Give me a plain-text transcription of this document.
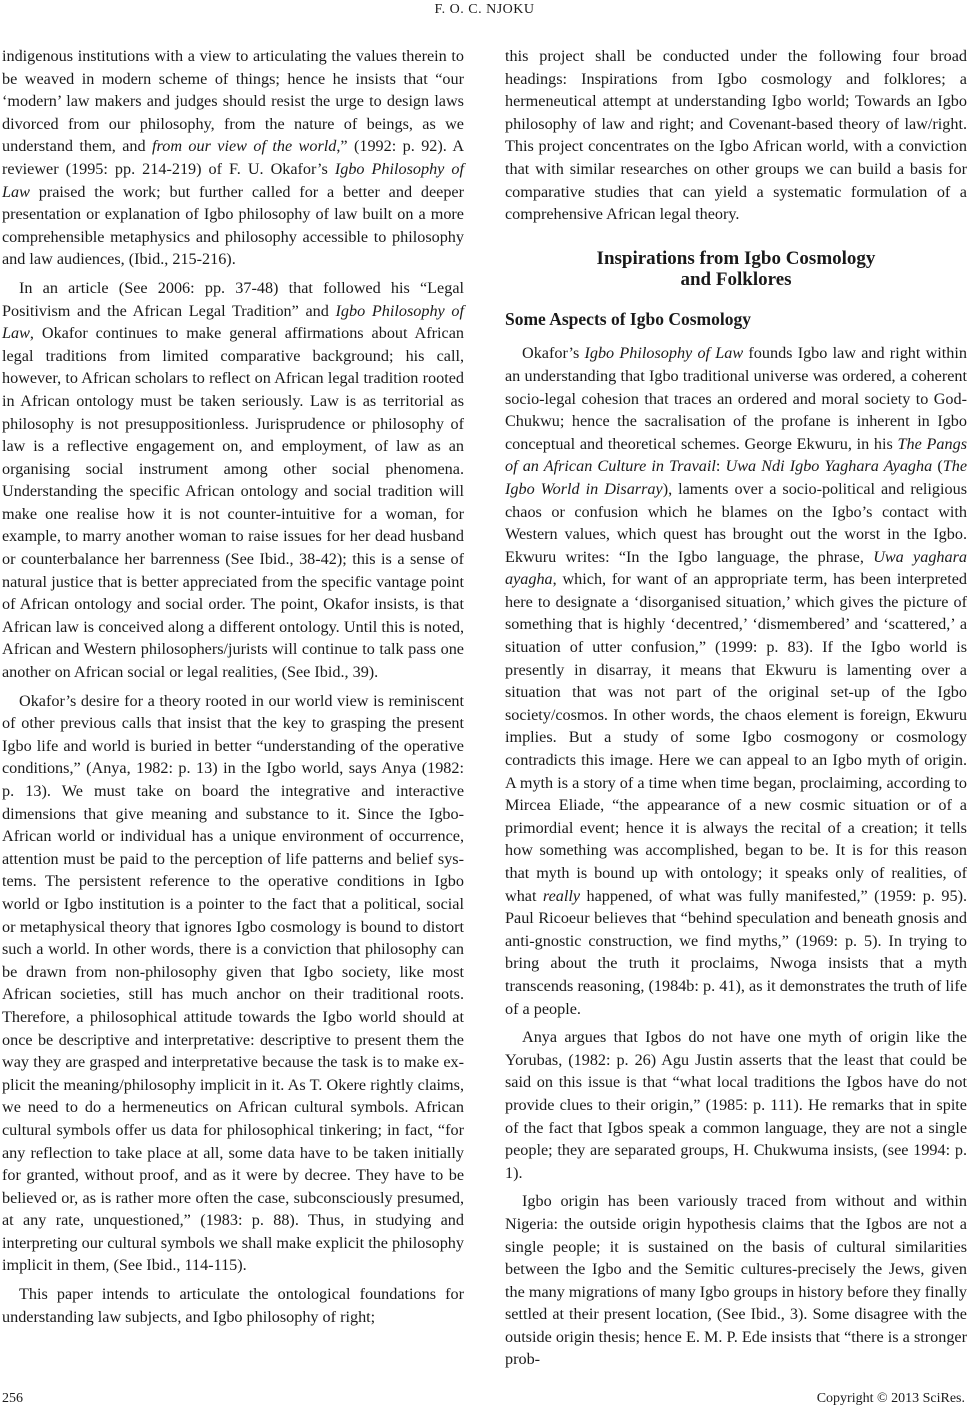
F. O. C. NJOKU

indigenous institutions with a view to articulating the values therein to be weaved in modern scheme of things; hence he insists that “our ‘modern’ law makers and judges should resist the urge to design laws divorced from our philosophy, from the nature of beings, as we understand them, and from our view of the world,” (1992: p. 92). A reviewer (1995: pp. 214-219) of F. U. Okafor’s Igbo Philosophy of Law praised the work; but further called for a better and deeper presentation or explanation of Igbo philosophy of law built on a more comprehensible metaphysics and philosophy accessible to philosophy and law audiences, (Ibid., 215-216).

In an article (See 2006: pp. 37-48) that followed his “Legal Positivism and the African Legal Tradition” and Igbo Philosophy of Law, Okafor continues to make general affirmations about African legal traditions from limited comparative background; his call, however, to African scholars to reflect on African legal tradition rooted in African ontology must be taken seriously. Law is as territorial as philosophy is not presuppositionless. Jurisprudence or philosophy of law is a reflective engagement on, and employment, of law as an organising social instrument among other social phenomena. Understanding the specific African ontology and social tradition will make one realise how it is not counter-intuitive for a woman, for example, to marry another woman to raise issues for her dead husband or counterbalance her barrenness (See Ibid., 38-42); this is a sense of natural justice that is better appreciated from the specific vantage point of African ontology and social order. The point, Okafor insists, is that African law is conceived along a different ontology. Until this is noted, African and Western philosophers/jurists will continue to talk pass one another on African social or legal realities, (See Ibid., 39).

Okafor’s desire for a theory rooted in our world view is reminiscent of other previous calls that insist that the key to grasping the present Igbo life and world is buried in better “understanding of the operative conditions,” (Anya, 1982: p. 13) in the Igbo world, says Anya (1982: p. 13). We must take on board the integrative and interactive dimensions that give meaning and substance to it. Since the Igbo-African world or individual has a unique environment of occurrence, attention must be paid to the perception of life patterns and belief systems. The persistent reference to the operative conditions in Igbo world or Igbo institution is a pointer to the fact that a political, social or metaphysical theory that ignores Igbo cosmology is bound to distort such a world. In other words, there is a conviction that philosophy can be drawn from non-philosophy given that Igbo society, like most African societies, still has much anchor on their traditional roots. Therefore, a philosophical attitude towards the Igbo world should at once be descriptive and interpretative: descriptive to present them the way they are grasped and interpretative because the task is to make explicit the meaning/philosophy implicit in it. As T. Okere rightly claims, we need to do a hermeneutics on African cultural symbols. African cultural symbols offer us data for philosophical tinkering; in fact, “for any reflection to take place at all, some data have to be taken initially for granted, without proof, and as it were by decree. They have to be believed or, as is rather more often the case, subconsciously presumed, at any rate, unquestioned,” (1983: p. 88). Thus, in studying and interpreting our cultural symbols we shall make explicit the philosophy implicit in them, (See Ibid., 114-115).

This paper intends to articulate the ontological foundations for understanding law subjects, and Igbo philosophy of right;

this project shall be conducted under the following four broad headings: Inspirations from Igbo cosmology and folklores; a hermeneutical attempt at understanding Igbo world; Towards an Igbo philosophy of law and right; and Covenant-based theory of law/right. This project concentrates on the Igbo African world, with a conviction that with similar researches on other groups we can build a basis for comparative studies that can yield a systematic formulation of a comprehensive African legal theory.

Inspirations from Igbo Cosmology
and Folklores
Some Aspects of Igbo Cosmology

Okafor’s Igbo Philosophy of Law founds Igbo law and right within an understanding that Igbo traditional universe was ordered, a coherent socio-legal cohesion that traces an ordered and moral society to God-Chukwu; hence the sacralisation of the profane is inherent in Igbo conceptual and theoretical schemes. George Ekwuru, in his The Pangs of an African Culture in Travail: Uwa Ndi Igbo Yaghara Ayagha (The Igbo World in Disarray), laments over a socio-political and religious chaos or confusion which he blames on the Igbo’s contact with Western values, which quest has brought out the worst in the Igbo. Ekwuru writes: “In the Igbo language, the phrase, Uwa yaghara ayagha, which, for want of an appropriate term, has been interpreted here to designate a ‘disorganised situation,’ which gives the picture of something that is highly ‘decentred,’ ‘dismembered’ and ‘scattered,’ a situation of utter confusion,” (1999: p. 83). If the Igbo world is presently in disarray, it means that Ekwuru is lamenting over a situation that was not part of the original set-up of the Igbo society/cosmos. In other words, the chaos element is foreign, Ekwuru implies. But a study of some Igbo cosmogony or cosmology contradicts this image. Here we can appeal to an Igbo myth of origin. A myth is a story of a time when time began, proclaiming, according to Mircea Eliade, “the appearance of a new cosmic situation or of a primordial event; hence it is always the recital of a creation; it tells how something was accomplished, began to be. It is for this reason that myth is bound up with ontology; it speaks only of realities, of what really happened, of what was fully manifested,” (1959: p. 95). Paul Ricoeur believes that “behind speculation and beneath gnosis and anti-gnostic construction, we find myths,” (1969: p. 5). In trying to bring about the truth it proclaims, Nwoga insists that a myth transcends reasoning, (1984b: p. 41), as it demonstrates the truth of life of a people.

Anya argues that Igbos do not have one myth of origin like the Yorubas, (1982: p. 26) Agu Justin asserts that the least that could be said on this issue is that “what local traditions the Igbos have do not provide clues to their origin,” (1985: p. 111). He remarks that in spite of the fact that Igbos speak a common language, they are not a single people; they are separated groups, H. Chukwuma insists, (see 1994: p. 1).

Igbo origin has been variously traced from without and within Nigeria: the outside origin hypothesis claims that the Igbos are not a single people; it is sustained on the basis of cultural similarities between the Igbo and the Semitic cultures-precisely the Jews, given the many migrations of many Igbo groups in history before they finally settled at their present location, (See Ibid., 3). Some disagree with the outside origin thesis; hence E. M. P. Ede insists that “there is a stronger prob-

256	Copyright © 2013 SciRes.
